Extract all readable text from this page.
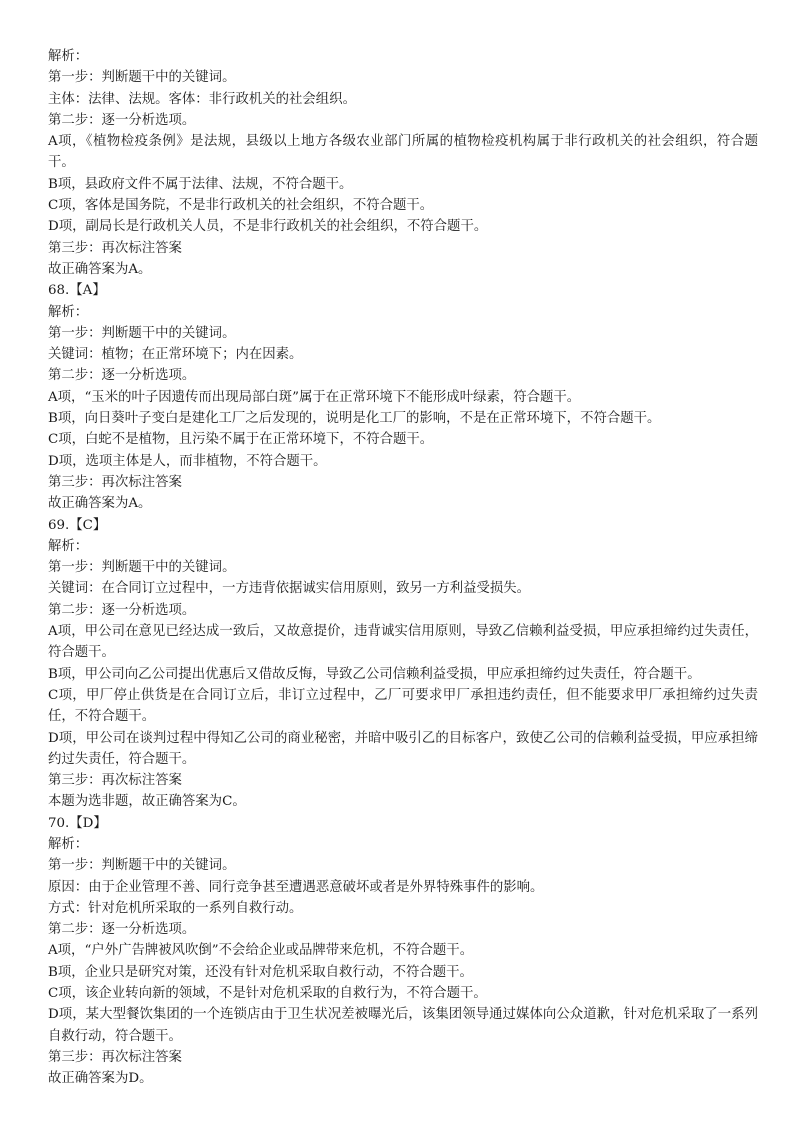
解析：

第一步：判断题干中的关键词。

主体：法律、法规。客体：非行政机关的社会组织。

第二步：逐一分析选项。

A项，《植物检疫条例》是法规，县级以上地方各级农业部门所属的植物检疫机构属于非行政机关的社会组织，符合题干。

B项，县政府文件不属于法律、法规，不符合题干。

C项，客体是国务院，不是非行政机关的社会组织，不符合题干。

D项，副局长是行政机关人员，不是非行政机关的社会组织，不符合题干。

第三步：再次标注答案

故正确答案为A。

68.【A】

解析：

第一步：判断题干中的关键词。

关键词：植物；在正常环境下；内在因素。

第二步：逐一分析选项。

A项，“玉米的叶子因遗传而出现局部白斑”属于在正常环境下不能形成叶绿素，符合题干。

B项，向日葵叶子变白是建化工厂之后发现的，说明是化工厂的影响，不是在正常环境下，不符合题干。

C项，白蛇不是植物，且污染不属于在正常环境下，不符合题干。

D项，选项主体是人，而非植物，不符合题干。

第三步：再次标注答案

故正确答案为A。

69.【C】

解析：

第一步：判断题干中的关键词。

关键词：在合同订立过程中，一方违背依据诚实信用原则，致另一方利益受损失。

第二步：逐一分析选项。

A项，甲公司在意见已经达成一致后，又故意提价，违背诚实信用原则，导致乙信赖利益受损，甲应承担缔约过失责任，符合题干。

B项，甲公司向乙公司提出优惠后又借故反悔，导致乙公司信赖利益受损，甲应承担缔约过失责任，符合题干。

C项，甲厂停止供货是在合同订立后，非订立过程中，乙厂可要求甲厂承担违约责任，但不能要求甲厂承担缔约过失责任，不符合题干。

D项，甲公司在谈判过程中得知乙公司的商业秘密，并暗中吸引乙的目标客户，致使乙公司的信赖利益受损，甲应承担缔约过失责任，符合题干。

第三步：再次标注答案

本题为选非题，故正确答案为C。

70.【D】

解析：

第一步：判断题干中的关键词。

原因：由于企业管理不善、同行竞争甚至遭遇恶意破坏或者是外界特殊事件的影响。

方式：针对危机所采取的一系列自救行动。

第二步：逐一分析选项。

A项，“户外广告牌被风吹倒”不会给企业或品牌带来危机，不符合题干。

B项，企业只是研究对策，还没有针对危机采取自救行动，不符合题干。

C项，该企业转向新的领域，不是针对危机采取的自救行为，不符合题干。

D项，某大型餐饮集团的一个连锁店由于卫生状况差被曝光后，该集团领导通过媒体向公众道歉，针对危机采取了一系列自救行动，符合题干。

第三步：再次标注答案

故正确答案为D。
